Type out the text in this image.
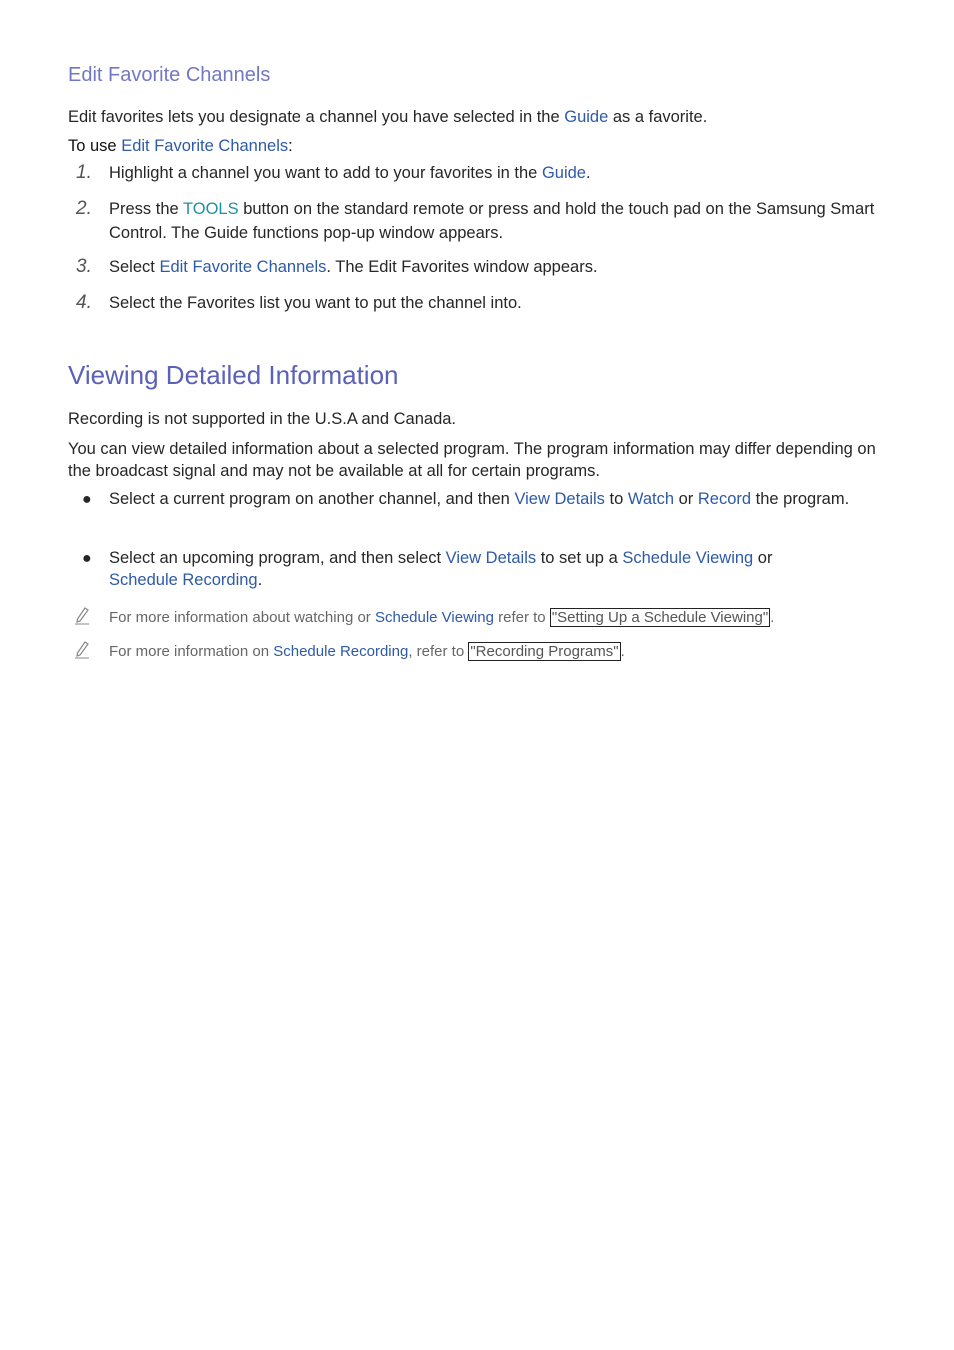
Edit Favorite Channels

Edit favorites lets you designate a channel you have selected in the Guide as a favorite.

To use Edit Favorite Channels:

1.	Highlight a channel you want to add to your favorites in the Guide.
2.	Press the TOOLS button on the standard remote or press and hold the touch pad on the Samsung Smart Control. The Guide functions pop-up window appears.
3.	Select Edit Favorite Channels. The Edit Favorites window appears.
4.	Select the Favorites list you want to put the channel into.
Viewing Detailed Information

Recording is not supported in the U.S.A and Canada.

You can view detailed information about a selected program. The program information may differ depending on the broadcast signal and may not be available at all for certain programs.

● Select a current program on another channel, and then View Details to Watch or Record the program.
● Select an upcoming program, and then select View Details to set up a Schedule Viewing or
Schedule Recording.
For more information about watching or Schedule Viewing refer to "Setting Up a Schedule Viewing" .
For more information on Schedule Recording, refer to "Recording Programs" .
